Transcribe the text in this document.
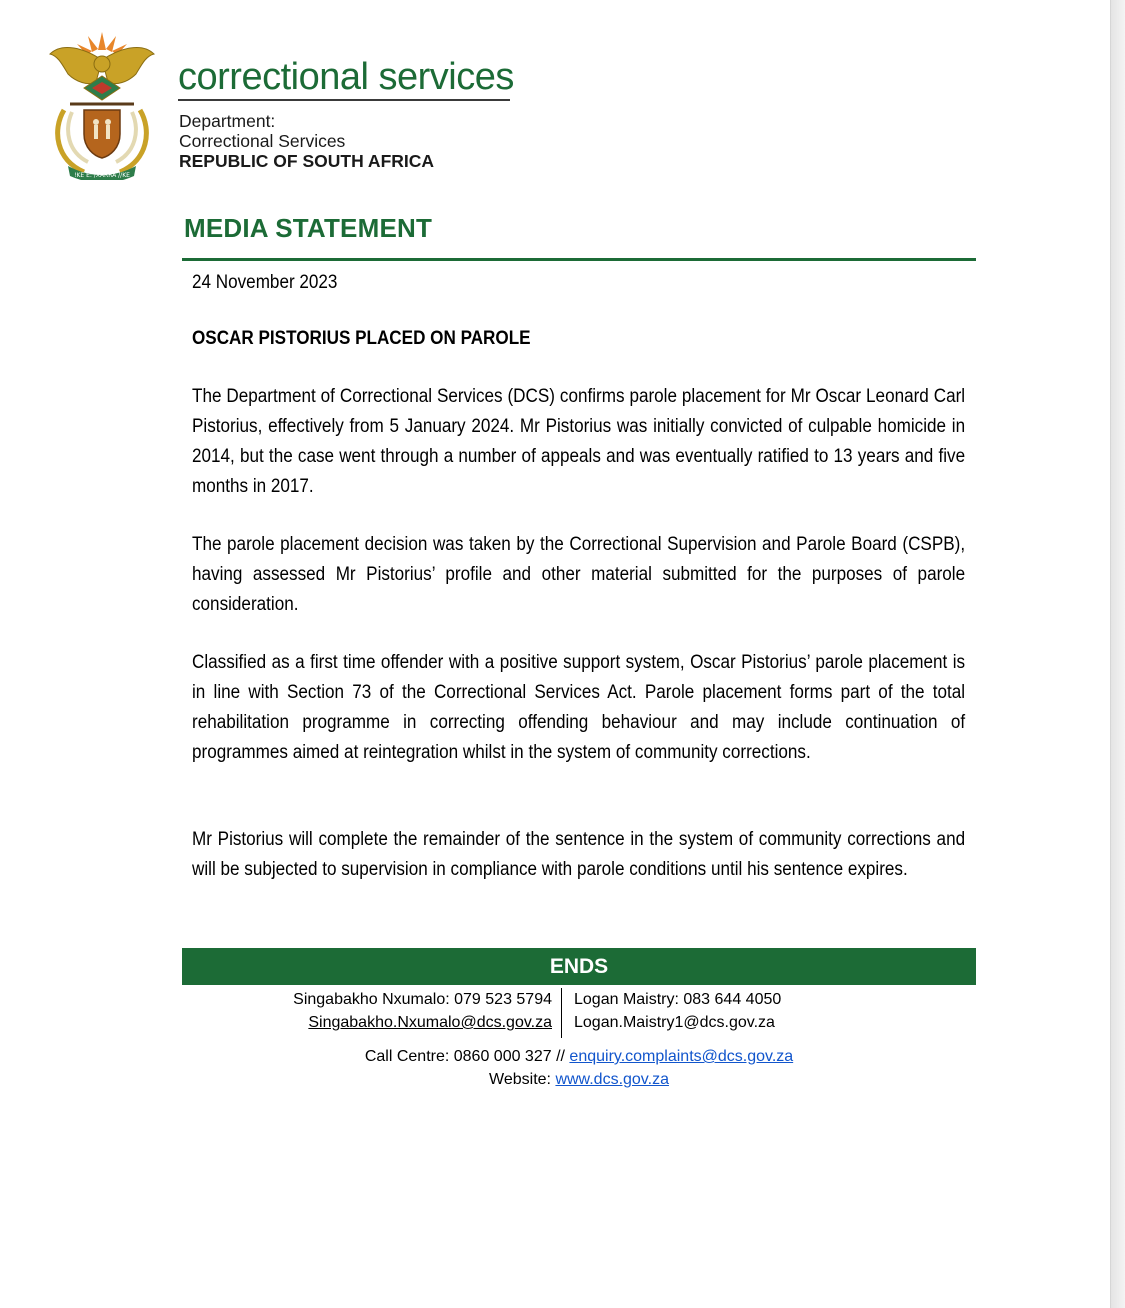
!KE E: /XARRA //KE
correctional services
Department:
Correctional Services
REPUBLIC OF SOUTH AFRICA
MEDIA STATEMENT
24 November 2023
OSCAR PISTORIUS PLACED ON PAROLE

The Department of Correctional Services (DCS) confirms parole placement for Mr Oscar Leonard Carl Pistorius, effectively from 5 January 2024. Mr Pistorius was initially convicted of culpable homicide in 2014, but the case went through a number of appeals and was eventually ratified to 13 years and five months in 2017.

The parole placement decision was taken by the Correctional Supervision and Parole Board (CSPB), having assessed Mr Pistorius’ profile and other material submitted for the purposes of parole consideration.

Classified as a first time offender with a positive support system, Oscar Pistorius’ parole placement is in line with Section 73 of the Correctional Services Act. Parole placement forms part of the total rehabilitation programme in correcting offending behaviour and may include continuation of programmes aimed at reintegration whilst in the system of community corrections.

Mr Pistorius will complete the remainder of the sentence in the system of community corrections and will be subjected to supervision in compliance with parole conditions until his sentence expires.

ENDS
Singabakho Nxumalo: 079 523 5794
Singabakho.Nxumalo@dcs.gov.za
Logan Maistry: 083 644 4050
Logan.Maistry1@dcs.gov.za
Call Centre: 0860 000 327 // enquiry.complaints@dcs.gov.za
Website: www.dcs.gov.za
